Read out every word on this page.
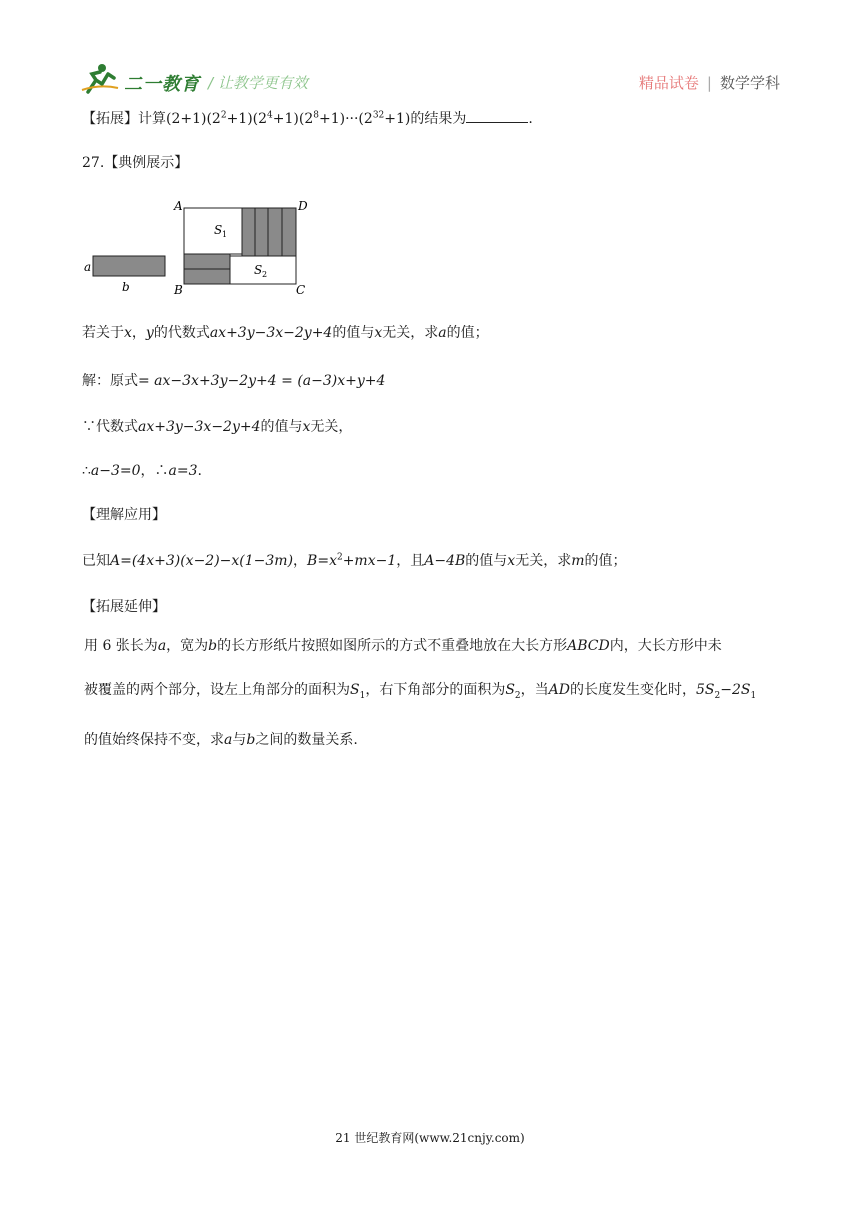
二一教育 / 让教学更有效	精品试卷 | 数学学科
【拓展】计算$(2+1)(2^2+1)(2^4+1)(2^8+1)\cdot\cdot\cdot(2^{32}+1)$的结果为	.
27.【典例展示】
a
b
A	D
B	C
S 1
S 2
若关于x，y的代数式ax+3y−3x−2y+4的值与x无关，求a的值；
解：原式= ax−3x+3y−2y+4 = (a−3)x+y+4
∵代数式ax+3y−3x−2y+4的值与x无关，
∴a−3=0，∴a=3.
【理解应用】
已知A=(4x+3)(x−2)−x(1−3m)，$B=x^2+mx-1$，且A−4B的值与x无关，求m的值；
【拓展延伸】
用 6 张长为a，宽为b的长方形纸片按照如图所示的方式不重叠地放在大长方形ABCD内，大长方形中未
被覆盖的两个部分，设左上角部分的面积为$S_1$，右下角部分的面积为$S_2$，当AD的长度发生变化时，$5S_2-2S_1$
的值始终保持不变，求a与b之间的数量关系.
21 世纪教育网(www.21cnjy.com)
